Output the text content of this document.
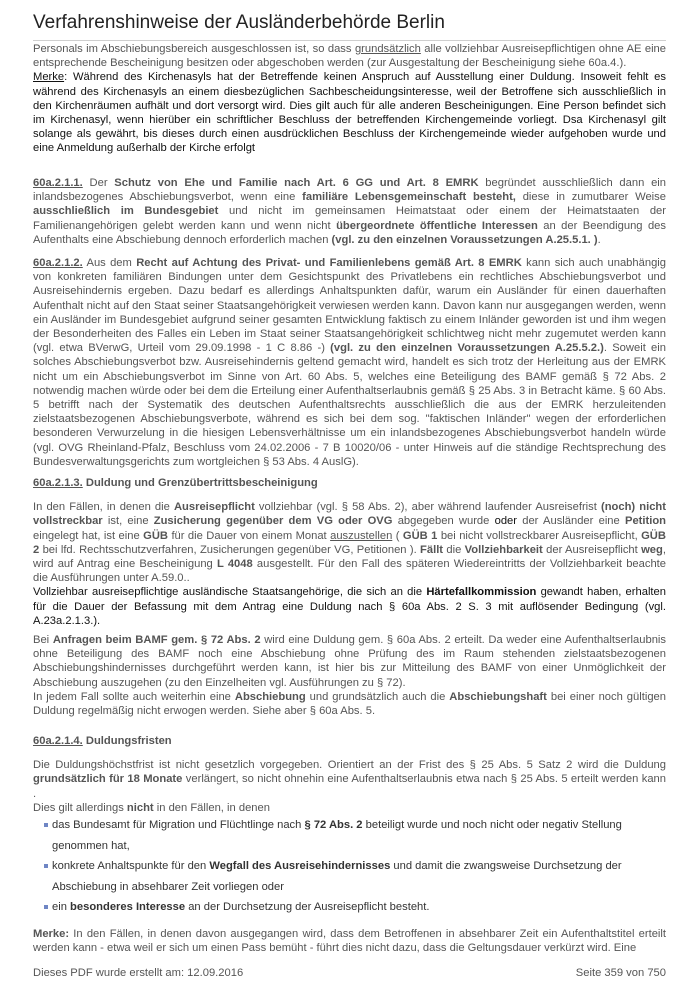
Verfahrenshinweise der Ausländerbehörde Berlin

Personals im Abschiebungsbereich ausgeschlossen ist, so dass grundsätzlich alle vollziehbar Ausreisepflichtigen ohne AE eine entsprechende Bescheinigung besitzen oder abgeschoben werden (zur Ausgestaltung der Bescheinigung siehe 60a.4.).

Merke: Während des Kirchenasyls hat der Betreffende keinen Anspruch auf Ausstellung einer Duldung. Insoweit fehlt es während des Kirchenasyls an einem diesbezüglichen Sachbescheidungsinteresse, weil der Betroffene sich ausschließlich in den Kirchenräumen aufhält und dort versorgt wird. Dies gilt auch für alle anderen Bescheinigungen. Eine Person befindet sich im Kirchenasyl, wenn hierüber ein schriftlicher Beschluss der betreffenden Kirchengemeinde vorliegt. Dsa Kirchenasyl gilt solange als gewährt, bis dieses durch einen ausdrücklichen Beschluss der Kirchengemeinde wieder aufgehoben wurde und eine Anmeldung außerhalb der Kirche erfolgt

60a.2.1.1. Der Schutz von Ehe und Familie nach Art. 6 GG und Art. 8 EMRK begründet ausschließlich dann ein inlandsbezogenes Abschiebungsverbot, wenn eine familiäre Lebensgemeinschaft besteht, diese in zumutbarer Weise ausschließlich im Bundesgebiet und nicht im gemeinsamen Heimatstaat oder einem der Heimatstaaten der Familienangehörigen gelebt werden kann und wenn nicht übergeordnete öffentliche Interessen an der Beendigung des Aufenthalts eine Abschiebung dennoch erforderlich machen (vgl. zu den einzelnen Voraussetzungen A.25.5.1. ).

60a.2.1.2. Aus dem Recht auf Achtung des Privat- und Familienlebens gemäß Art. 8 EMRK kann sich auch unabhängig von konkreten familiären Bindungen unter dem Gesichtspunkt des Privatlebens ein rechtliches Abschiebungsverbot und Ausreisehindernis ergeben. Dazu bedarf es allerdings Anhaltspunkten dafür, warum ein Ausländer für einen dauerhaften Aufenthalt nicht auf den Staat seiner Staatsangehörigkeit verwiesen werden kann. Davon kann nur ausgegangen werden, wenn ein Ausländer im Bundesgebiet aufgrund seiner gesamten Entwicklung faktisch zu einem Inländer geworden ist und ihm wegen der Besonderheiten des Falles ein Leben im Staat seiner Staatsangehörigkeit schlichtweg nicht mehr zugemutet werden kann (vgl. etwa BVerwG, Urteil vom 29.09.1998 - 1 C 8.86 -) (vgl. zu den einzelnen Voraussetzungen A.25.5.2.). Soweit ein solches Abschiebungsverbot bzw. Ausreisehindernis geltend gemacht wird, handelt es sich trotz der Herleitung aus der EMRK nicht um ein Abschiebungsverbot im Sinne von Art. 60 Abs. 5, welches eine Beteiligung des BAMF gemäß § 72 Abs. 2 notwendig machen würde oder bei dem die Erteilung einer Aufenthaltserlaubnis gemäß § 25 Abs. 3 in Betracht käme. § 60 Abs. 5 betrifft nach der Systematik des deutschen Aufenthaltsrechts ausschließlich die aus der EMRK herzuleitenden zielstaatsbezogenen Abschiebungsverbote, während es sich bei dem sog. "faktischen Inländer" wegen der erforderlichen besonderen Verwurzelung in die hiesigen Lebensverhältnisse um ein inlandsbezogenes Abschiebungsverbot handeln würde (vgl. OVG Rheinland-Pfalz, Beschluss vom 24.02.2006 - 7 B 10020/06 - unter Hinweis auf die ständige Rechtsprechung des Bundesverwaltungsgerichts zum wortgleichen § 53 Abs. 4 AuslG).

60a.2.1.3. Duldung und Grenzübertrittsbescheinigung

In den Fällen, in denen die Ausreisepflicht vollziehbar (vgl. § 58 Abs. 2), aber während laufender Ausreisefrist (noch) nicht vollstreckbar ist, eine Zusicherung gegenüber dem VG oder OVG abgegeben wurde oder der Ausländer eine Petition eingelegt hat, ist eine GÜB für die Dauer von einem Monat auszustellen ( GÜB 1 bei nicht vollstreckbarer Ausreisepflicht, GÜB 2 bei lfd. Rechtsschutzverfahren, Zusicherungen gegenüber VG, Petitionen ). Fällt die Vollziehbarkeit der Ausreisepflicht weg, wird auf Antrag eine Bescheinigung L 4048 ausgestellt. Für den Fall des späteren Wiedereintritts der Vollziehbarkeit beachte die Ausführungen unter A.59.0..

Vollziehbar ausreisepflichtige ausländische Staatsangehörige, die sich an die Härtefallkommission gewandt haben, erhalten für die Dauer der Befassung mit dem Antrag eine Duldung nach § 60a Abs. 2 S. 3 mit auflösender Bedingung (vgl. A.23a.2.1.3.).

Bei Anfragen beim BAMF gem. § 72 Abs. 2 wird eine Duldung gem. § 60a Abs. 2 erteilt. Da weder eine Aufenthaltserlaubnis ohne Beteiligung des BAMF noch eine Abschiebung ohne Prüfung des im Raum stehenden zielstaatsbezogenen Abschiebungshindernisses durchgeführt werden kann, ist hier bis zur Mitteilung des BAMF von einer Unmöglichkeit der Abschiebung auszugehen (zu den Einzelheiten vgl. Ausführungen zu § 72).

In jedem Fall sollte auch weiterhin eine Abschiebung und grundsätzlich auch die Abschiebungshaft bei einer noch gültigen Duldung regelmäßig nicht erwogen werden. Siehe aber § 60a Abs. 5.

60a.2.1.4. Duldungsfristen

Die Duldungshöchstfrist ist nicht gesetzlich vorgegeben. Orientiert an der Frist des § 25 Abs. 5 Satz 2 wird die Duldung grundsätzlich für 18 Monate verlängert, so nicht ohnehin eine Aufenthaltserlaubnis etwa nach § 25 Abs. 5 erteilt werden kann .

Dies gilt allerdings nicht in den Fällen, in denen

das Bundesamt für Migration und Flüchtlinge nach § 72 Abs. 2 beteiligt wurde und noch nicht oder negativ Stellung genommen hat,
konkrete Anhaltspunkte für den Wegfall des Ausreisehindernisses und damit die zwangsweise Durchsetzung der Abschiebung in absehbarer Zeit vorliegen oder
ein besonderes Interesse an der Durchsetzung der Ausreisepflicht besteht.

Merke: In den Fällen, in denen davon ausgegangen wird, dass dem Betroffenen in absehbarer Zeit ein Aufenthaltstitel erteilt werden kann - etwa weil er sich um einen Pass bemüht - führt dies nicht dazu, dass die Geltungsdauer verkürzt wird. Eine

Dieses PDF wurde erstellt am: 12.09.2016	Seite 359 von 750
